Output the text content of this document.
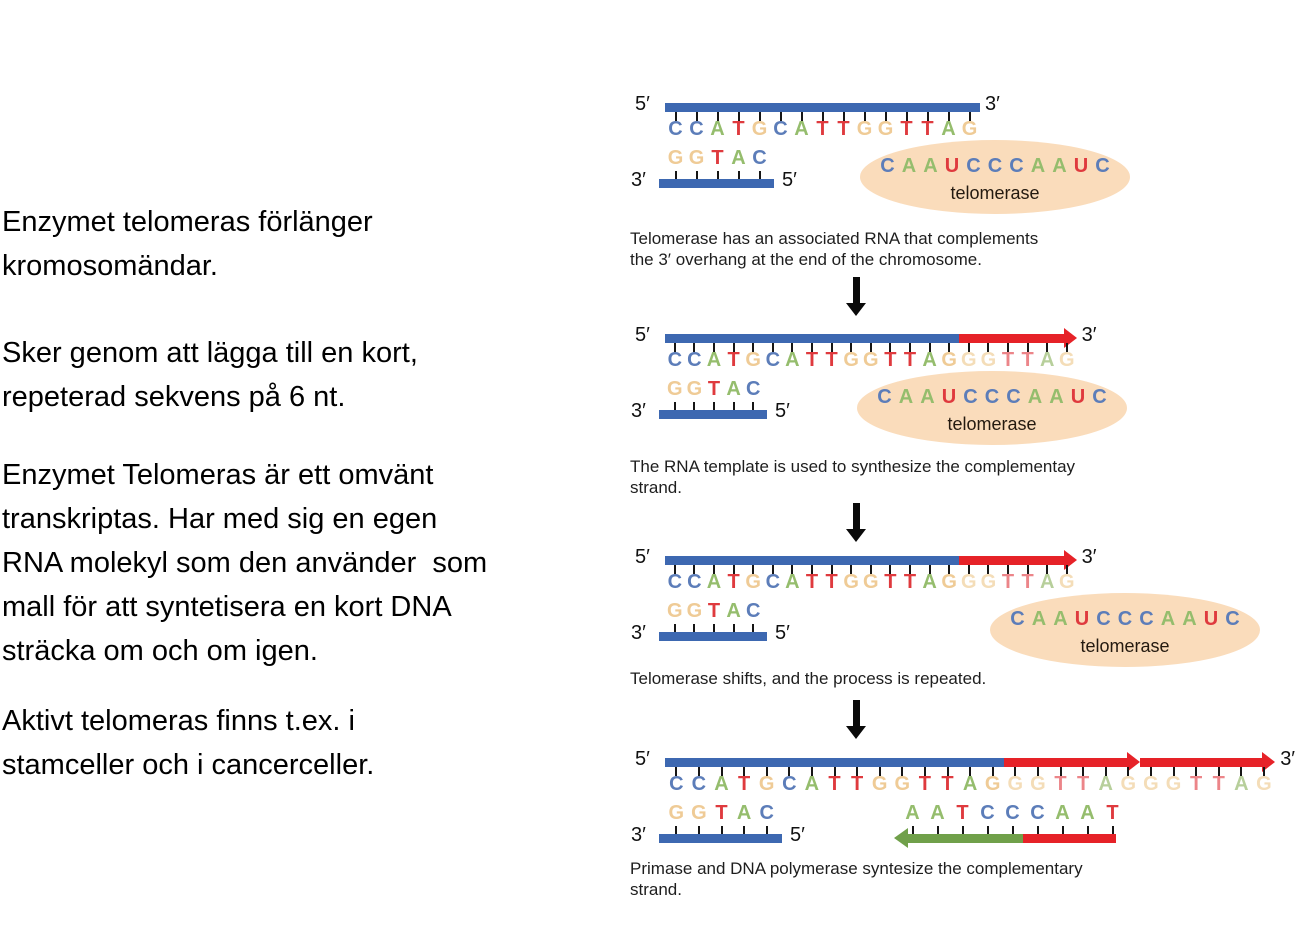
Enzymet telomeras förlänger
kromosomändar.
Sker genom att lägga till en kort,
repeterad sekvens på 6 nt.
Enzymet Telomeras är ett omvänt
transkriptas. Har med sig en egen
RNA molekyl som den använder  som
mall för att syntetisera en kort DNA
sträcka om och om igen.
Aktivt telomeras finns t.ex. i
stamceller och i cancerceller.
C A A U C C C A A U C
telomerase
C A A U C C C A A U C
telomerase
C A A U C C C A A U C
telomerase
5′	3′
C C A T G C A T T G G T T A G
G G T A C
3′	5′
Telomerase has an associated RNA that complements
the 3′ overhang at the end of the chromosome.
5′	3′
C C A T G C A T T G G T T A G G G T T A G
G G T A C
3′	5′
The RNA template is used to synthesize the complementay
strand.
5′	3′
C C A T G C A T T G G T T A G G G T T A G
G G T A C
3′	5′
Telomerase shifts, and the process is repeated.
5′	3′
C C A T G C A T T G G T T A G G G T T A G G G T T A G
G G T A C
3′	5′
A A T C C C A A T
Primase and DNA polymerase syntesize the complementary
strand.
